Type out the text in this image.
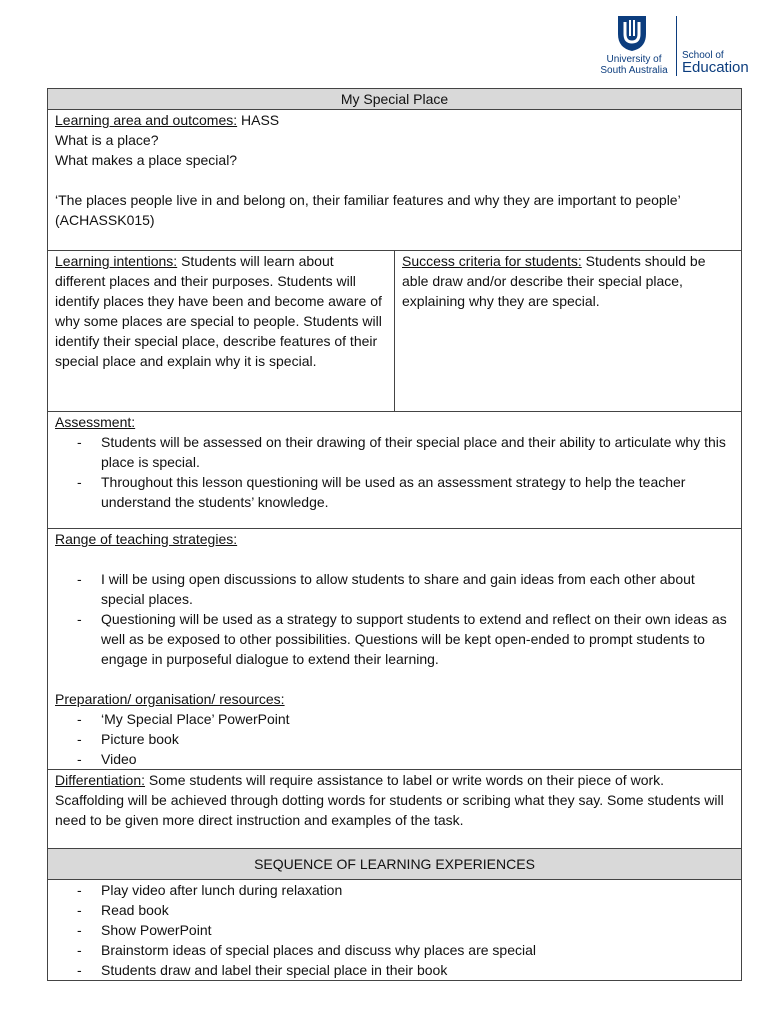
University of South Australia
School of
Education
My Special Place

Learning area and outcomes: HASS

What is a place?

What makes a place special?

‘The places people live in and belong on, their familiar features and why they are important to people’ (ACHASSK015)

Learning intentions: Students will learn about different places and their purposes. Students will identify places they have been and become aware of why some places are special to people. Students will identify their special place, describe features of their special place and explain why it is special.	Success criteria for students: Students should be able draw and/or describe their special place, explaining why they are special.

Assessment:

- Students will be assessed on their drawing of their special place and their ability to articulate why this place is special.
- Throughout this lesson questioning will be used as an assessment strategy to help the teacher understand the students’ knowledge.

Range of teaching strategies:

- I will be using open discussions to allow students to share and gain ideas from each other about special places.
- Questioning will be used as a strategy to support students to extend and reflect on their own ideas as well as be exposed to other possibilities. Questions will be kept open-ended to prompt students to engage in purposeful dialogue to extend their learning.

Preparation/ organisation/ resources:

- ‘My Special Place’ PowerPoint
- Picture book
- Video

Differentiation: Some students will require assistance to label or write words on their piece of work. Scaffolding will be achieved through dotting words for students or scribing what they say. Some students will need to be given more direct instruction and examples of the task.
SEQUENCE OF LEARNING EXPERIENCES

- Play video after lunch during relaxation
- Read book
- Show PowerPoint
- Brainstorm ideas of special places and discuss why places are special
- Students draw and label their special place in their book
